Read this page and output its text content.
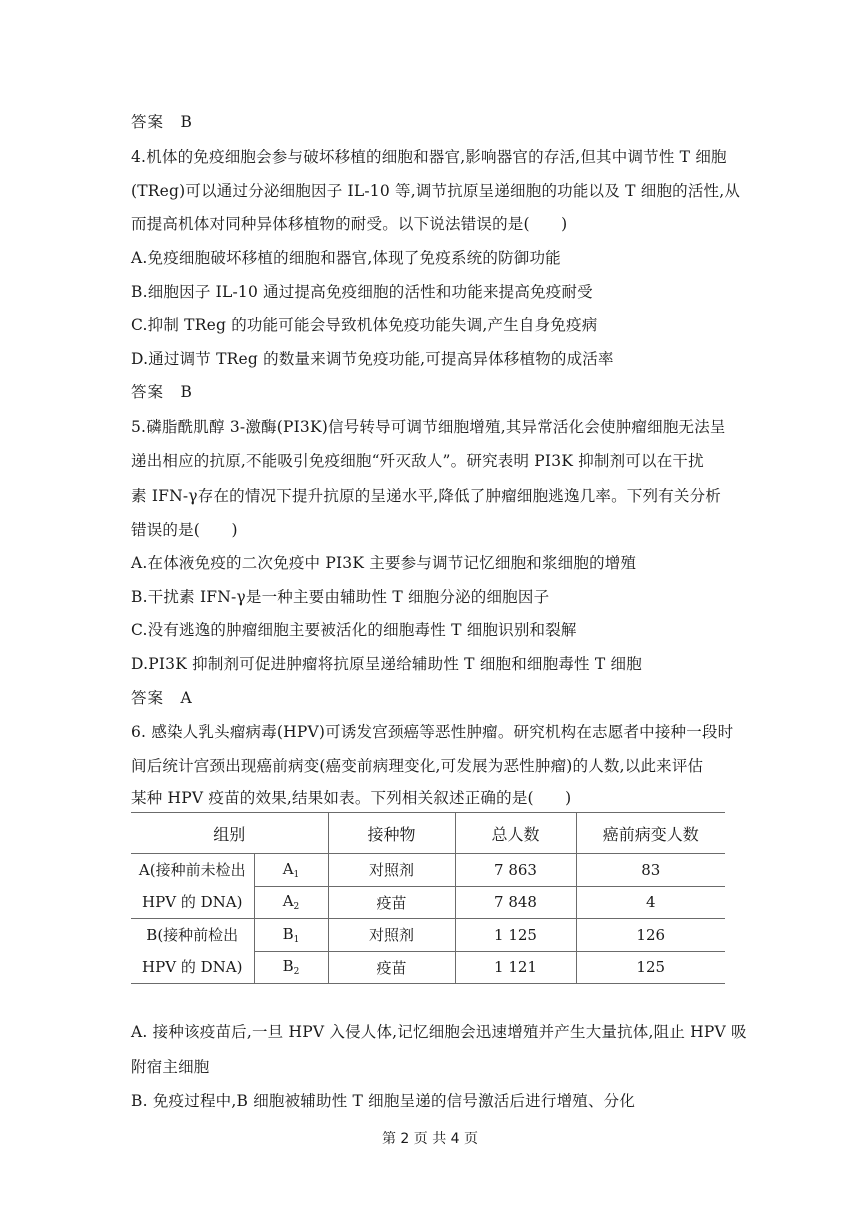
答案　B
4.机体的免疫细胞会参与破坏移植的细胞和器官,影响器官的存活,但其中调节性 T 细胞
(TReg)可以通过分泌细胞因子 IL-10 等,调节抗原呈递细胞的功能以及 T 细胞的活性,从
而提高机体对同种异体移植物的耐受。以下说法错误的是(　　)
A.免疫细胞破坏移植的细胞和器官,体现了免疫系统的防御功能
B.细胞因子 IL-10 通过提高免疫细胞的活性和功能来提高免疫耐受
C.抑制 TReg 的功能可能会导致机体免疫功能失调,产生自身免疫病
D.通过调节 TReg 的数量来调节免疫功能,可提高异体移植物的成活率
答案　B
5.磷脂酰肌醇 3-激酶(PI3K)信号转导可调节细胞增殖,其异常活化会使肿瘤细胞无法呈
递出相应的抗原,不能吸引免疫细胞“歼灭敌人”。研究表明 PI3K 抑制剂可以在干扰
素 IFN-γ存在的情况下提升抗原的呈递水平,降低了肿瘤细胞逃逸几率。下列有关分析
错误的是(　　)
A.在体液免疫的二次免疫中 PI3K 主要参与调节记忆细胞和浆细胞的增殖
B.干扰素 IFN-γ是一种主要由辅助性 T 细胞分泌的细胞因子
C.没有逃逸的肿瘤细胞主要被活化的细胞毒性 T 细胞识别和裂解
D.PI3K 抑制剂可促进肿瘤将抗原呈递给辅助性 T 细胞和细胞毒性 T 细胞
答案　A
6. 感染人乳头瘤病毒(HPV)可诱发宫颈癌等恶性肿瘤。研究机构在志愿者中接种一段时
间后统计宫颈出现癌前病变(癌变前病理变化,可发展为恶性肿瘤)的人数,以此来评估
某种 HPV 疫苗的效果,结果如表。下列相关叙述正确的是(　　)
组别		接种物	总人数	癌前病变人数

A(接种前未检出
HPV 的 DNA)	$A_1$	对照剂	7 863	83
	$A_2$	疫苗	7 848	4

B(接种前检出
HPV 的 DNA)	$B_1$	对照剂	1 125	126
	$B_2$	疫苗	1 121	125
A. 接种该疫苗后,一旦 HPV 入侵人体,记忆细胞会迅速增殖并产生大量抗体,阻止 HPV 吸
附宿主细胞
B. 免疫过程中,B 细胞被辅助性 T 细胞呈递的信号激活后进行增殖、分化
第 2 页 共 4 页
